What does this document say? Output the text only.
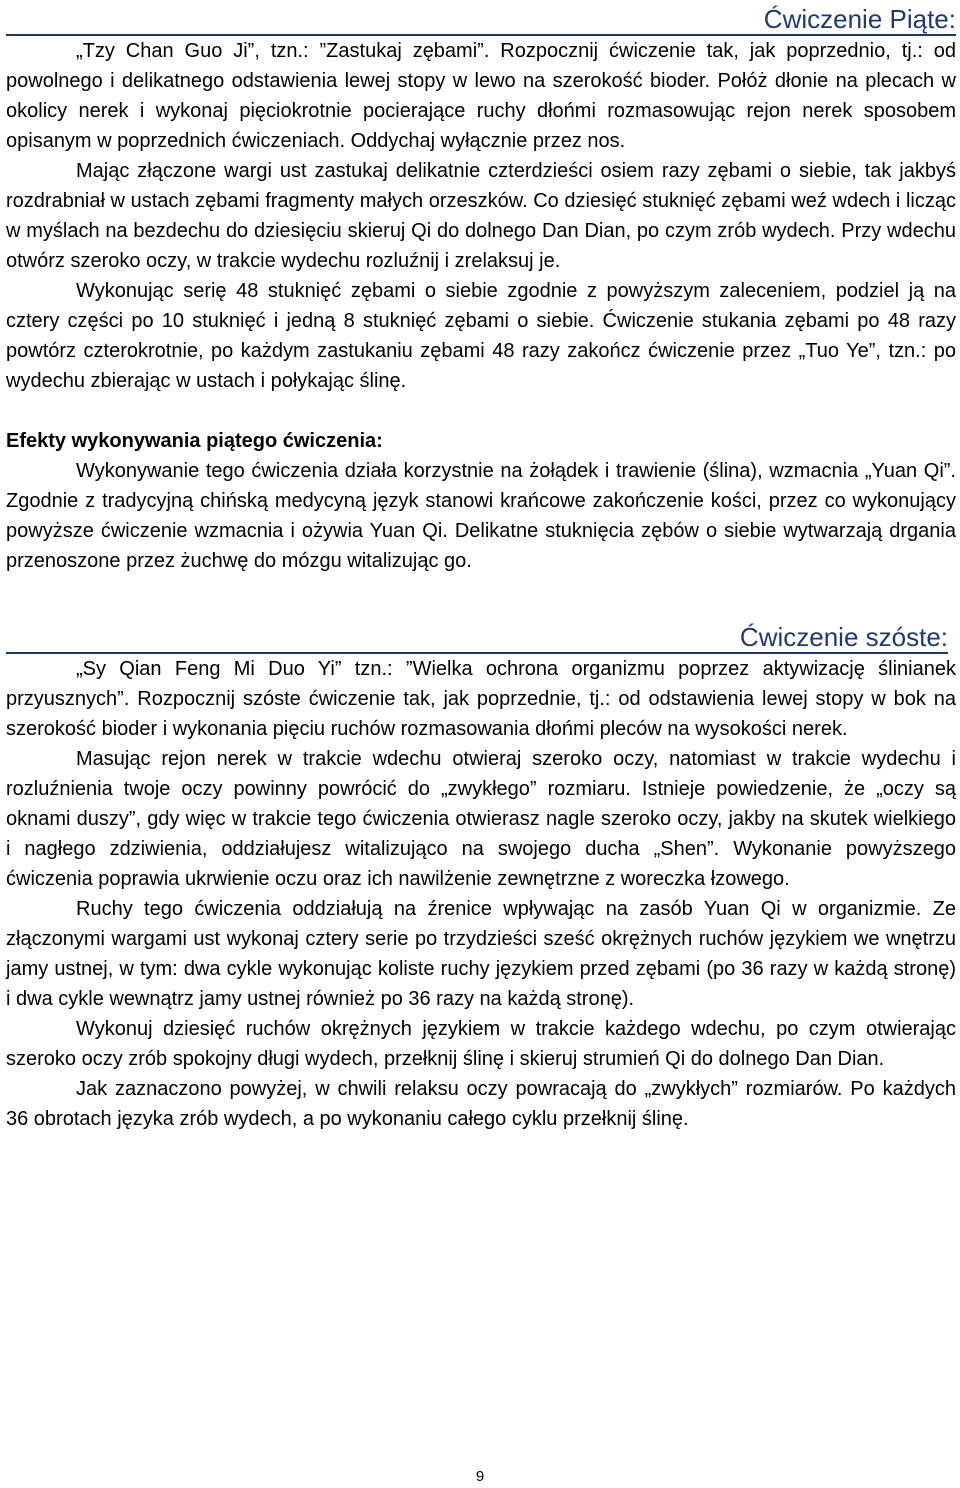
Ćwiczenie Piąte:

„Tzy Chan Guo Ji”, tzn.: ”Zastukaj zębami”. Rozpocznij ćwiczenie tak, jak poprzednio, tj.: od powolnego i delikatnego odstawienia lewej stopy w lewo na szerokość bioder. Połóż dłonie na plecach w okolicy nerek i wykonaj pięciokrotnie pocierające ruchy dłońmi rozmasowując rejon nerek sposobem opisanym w poprzednich ćwiczeniach. Oddychaj wyłącznie przez nos.

Mając złączone wargi ust zastukaj delikatnie czterdzieści osiem razy zębami o siebie, tak jakbyś rozdrabniał w ustach zębami fragmenty małych orzeszków. Co dziesięć stuknięć zębami weź wdech i licząc w myślach na bezdechu do dziesięciu skieruj Qi do dolnego Dan Dian, po czym zrób wydech. Przy wdechu otwórz szeroko oczy, w trakcie wydechu rozluźnij i zrelaksuj je.

Wykonując serię 48 stuknięć zębami o siebie zgodnie z powyższym zaleceniem, podziel ją na cztery części po 10 stuknięć i jedną 8 stuknięć zębami o siebie. Ćwiczenie stukania zębami po 48 razy powtórz czterokrotnie, po każdym zastukaniu zębami 48 razy zakończ ćwiczenie przez „Tuo Ye”, tzn.: po wydechu zbierając w ustach i połykając ślinę.

Efekty wykonywania piątego ćwiczenia:

Wykonywanie tego ćwiczenia działa korzystnie na żołądek i trawienie (ślina), wzmacnia „Yuan Qi”. Zgodnie z tradycyjną chińską medycyną język stanowi krańcowe zakończenie kości, przez co wykonujący powyższe ćwiczenie wzmacnia i ożywia Yuan Qi. Delikatne stuknięcia zębów o siebie wytwarzają drgania przenoszone przez żuchwę do mózgu witalizując go.

Ćwiczenie szóste:

„Sy Qian Feng Mi Duo Yi” tzn.: ”Wielka ochrona organizmu poprzez aktywizację ślinianek przyusznych”. Rozpocznij szóste ćwiczenie tak, jak poprzednie, tj.: od odstawienia lewej stopy w bok na szerokość bioder i wykonania pięciu ruchów rozmasowania dłońmi pleców na wysokości nerek.

Masując rejon nerek w trakcie wdechu otwieraj szeroko oczy, natomiast w trakcie wydechu i rozluźnienia twoje oczy powinny powrócić do „zwykłego” rozmiaru. Istnieje powiedzenie, że „oczy są oknami duszy”, gdy więc w trakcie tego ćwiczenia otwierasz nagle szeroko oczy, jakby na skutek wielkiego i nagłego zdziwienia, oddziałujesz witalizująco na swojego ducha „Shen”. Wykonanie powyższego ćwiczenia poprawia ukrwienie oczu oraz ich nawilżenie zewnętrzne z woreczka łzowego.

Ruchy tego ćwiczenia oddziałują na źrenice wpływając na zasób Yuan Qi w organizmie. Ze złączonymi wargami ust wykonaj cztery serie po trzydzieści sześć okrężnych ruchów językiem we wnętrzu jamy ustnej, w tym: dwa cykle wykonując koliste ruchy językiem przed zębami (po 36 razy w każdą stronę) i dwa cykle wewnątrz jamy ustnej również po 36 razy na każdą stronę).

Wykonuj dziesięć ruchów okrężnych językiem w trakcie każdego wdechu, po czym otwierając szeroko oczy zrób spokojny długi wydech, przełknij ślinę i skieruj strumień Qi do dolnego Dan Dian.

Jak zaznaczono powyżej, w chwili relaksu oczy powracają do „zwykłych” rozmiarów. Po każdych 36 obrotach języka zrób wydech, a po wykonaniu całego cyklu przełknij ślinę.

9
